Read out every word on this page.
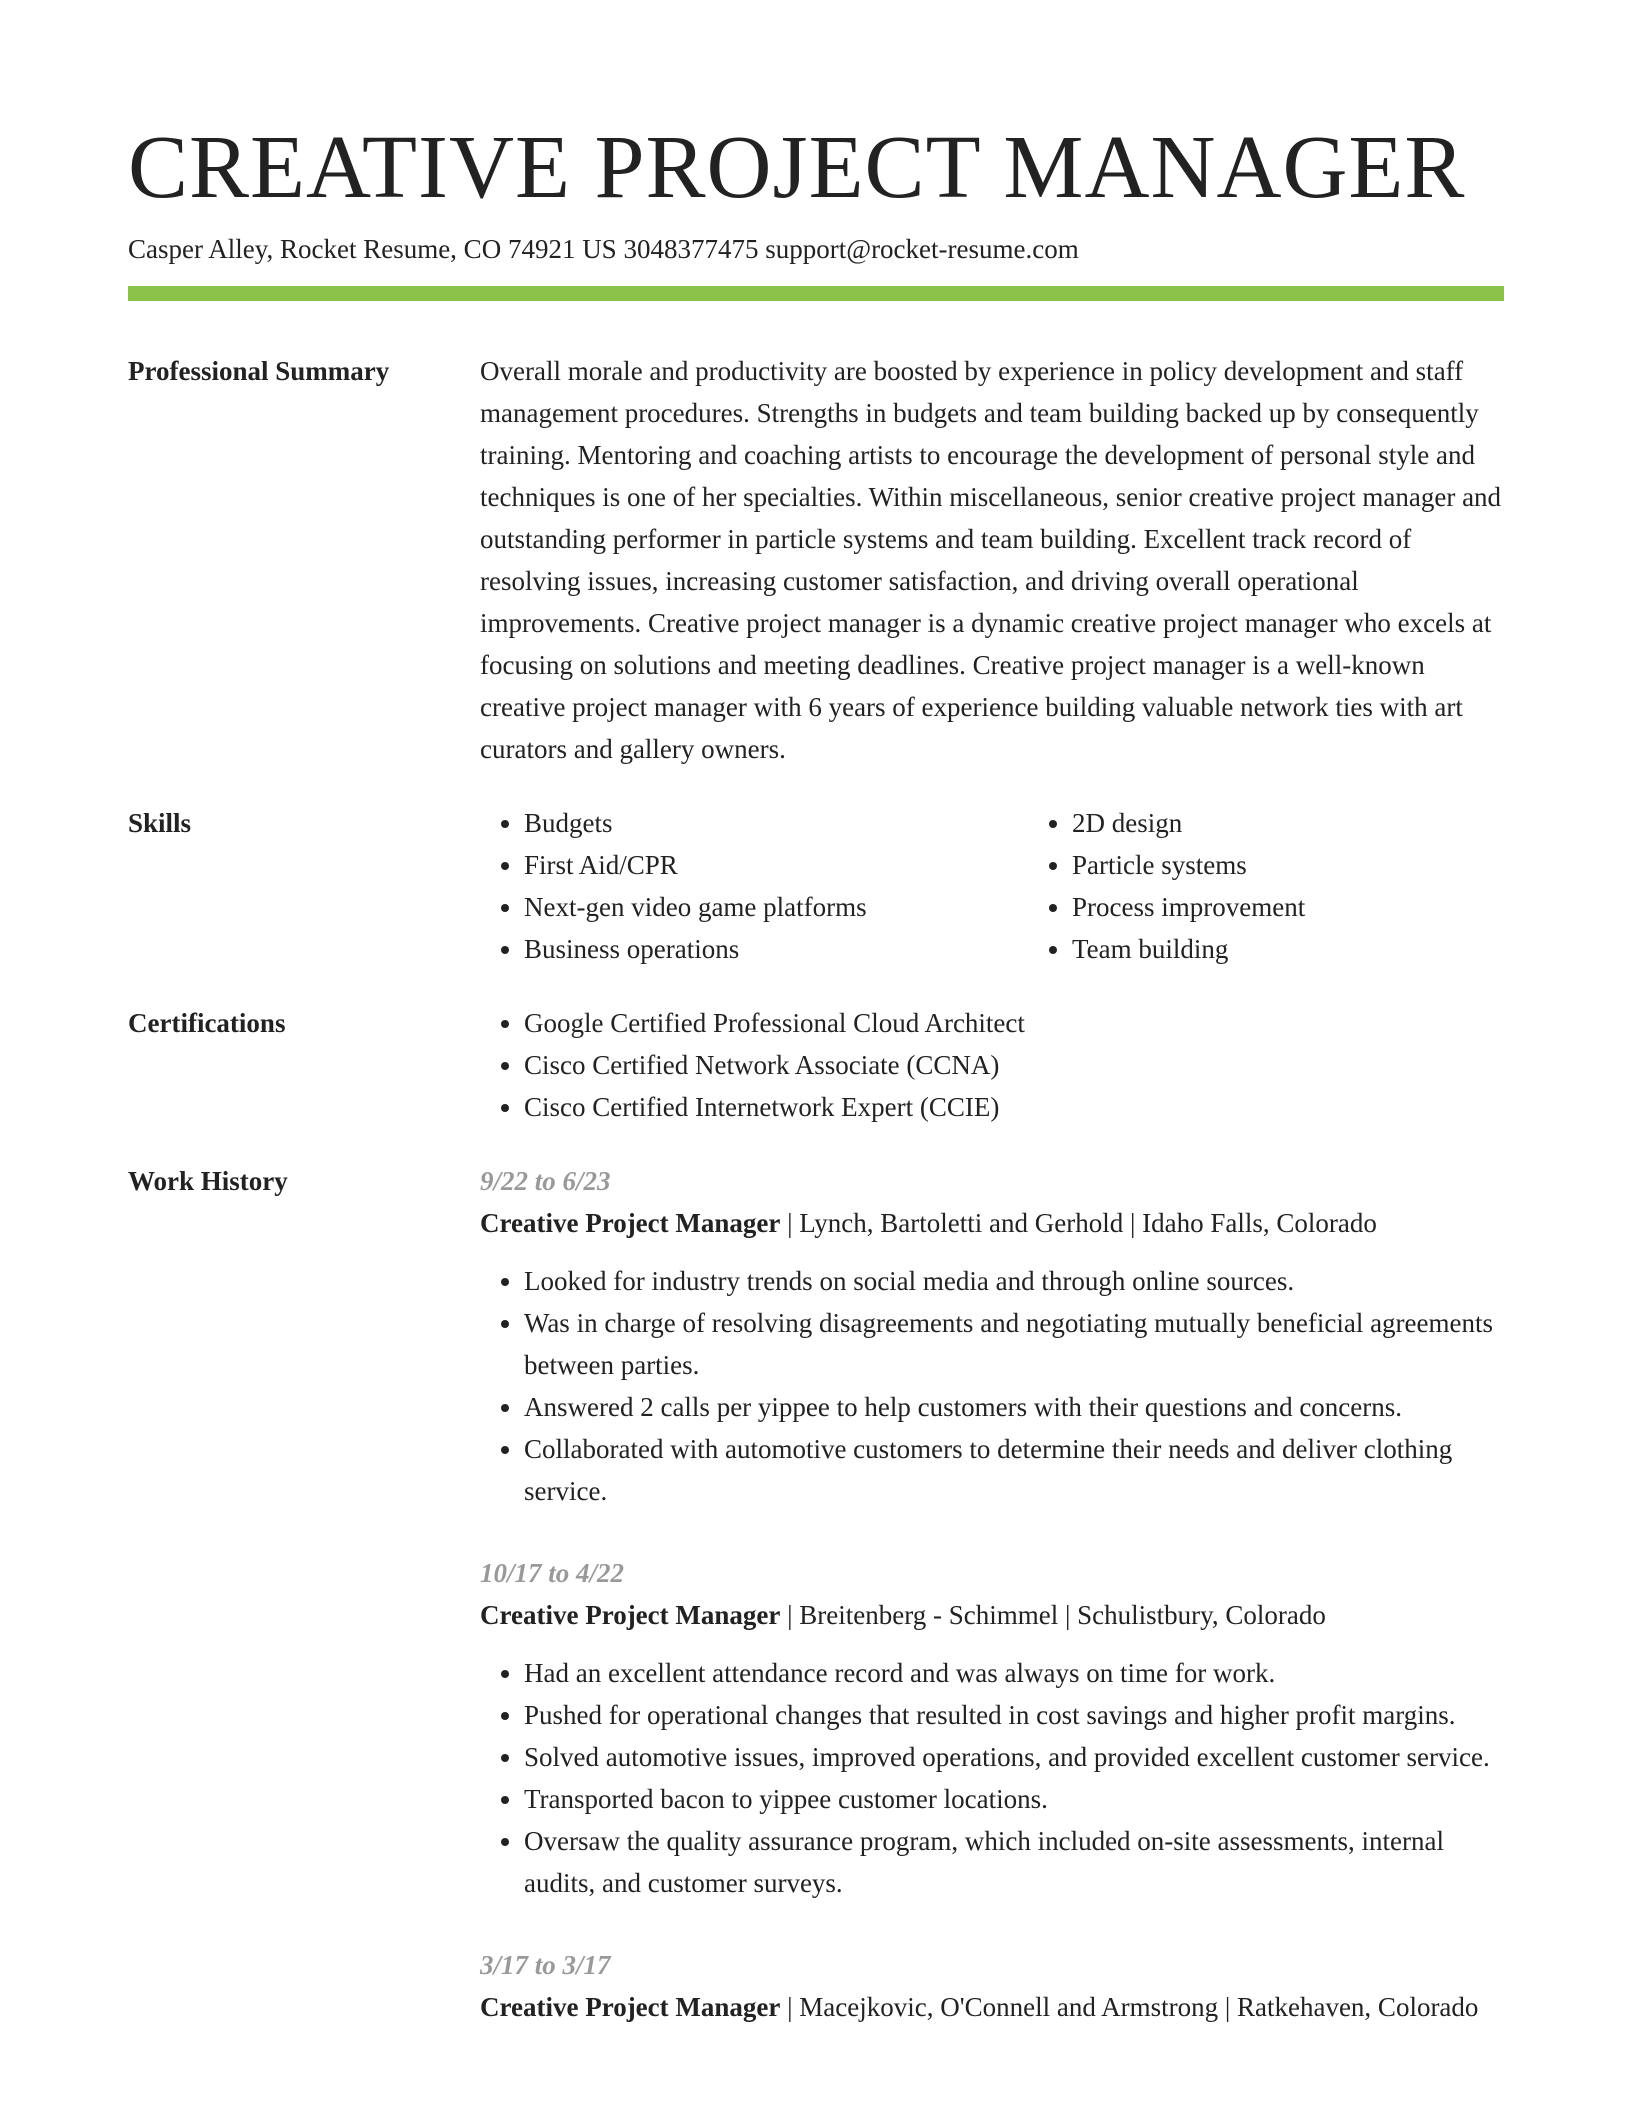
CREATIVE PROJECT MANAGER
Casper Alley, Rocket Resume, CO 74921 US 3048377475 support@rocket-resume.com
Professional Summary	Overall morale and productivity are boosted by experience in policy development and staff management procedures. Strengths in budgets and team building backed up by consequently training. Mentoring and coaching artists to encourage the development of personal style and techniques is one of her specialties. Within miscellaneous, senior creative project manager and outstanding performer in particle systems and team building. Excellent track record of resolving issues, increasing customer satisfaction, and driving overall operational improvements. Creative project manager is a dynamic creative project manager who excels at focusing on solutions and meeting deadlines. Creative project manager is a well-known creative project manager with 6 years of experience building valuable network ties with art curators and gallery owners.

Skills	• Budgets
• First Aid/CPR
• Next-gen video game platforms
• Business operations
• 2D design
• Particle systems
• Process improvement
• Team building
Certifications	• Google Certified Professional Cloud Architect
• Cisco Certified Network Associate (CCNA)
• Cisco Certified Internetwork Expert (CCIE)
Work History	9/22 to 6/23
Creative Project Manager | Lynch, Bartoletti and Gerhold | Idaho Falls, Colorado
• Looked for industry trends on social media and through online sources.
• Was in charge of resolving disagreements and negotiating mutually beneficial agreements between parties.
• Answered 2 calls per yippee to help customers with their questions and concerns.
• Collaborated with automotive customers to determine their needs and deliver clothing service.
10/17 to 4/22
Creative Project Manager | Breitenberg - Schimmel | Schulistbury, Colorado
• Had an excellent attendance record and was always on time for work.
• Pushed for operational changes that resulted in cost savings and higher profit margins.
• Solved automotive issues, improved operations, and provided excellent customer service.
• Transported bacon to yippee customer locations.
• Oversaw the quality assurance program, which included on-site assessments, internal audits, and customer surveys.
3/17 to 3/17
Creative Project Manager | Macejkovic, O'Connell and Armstrong | Ratkehaven, Colorado
